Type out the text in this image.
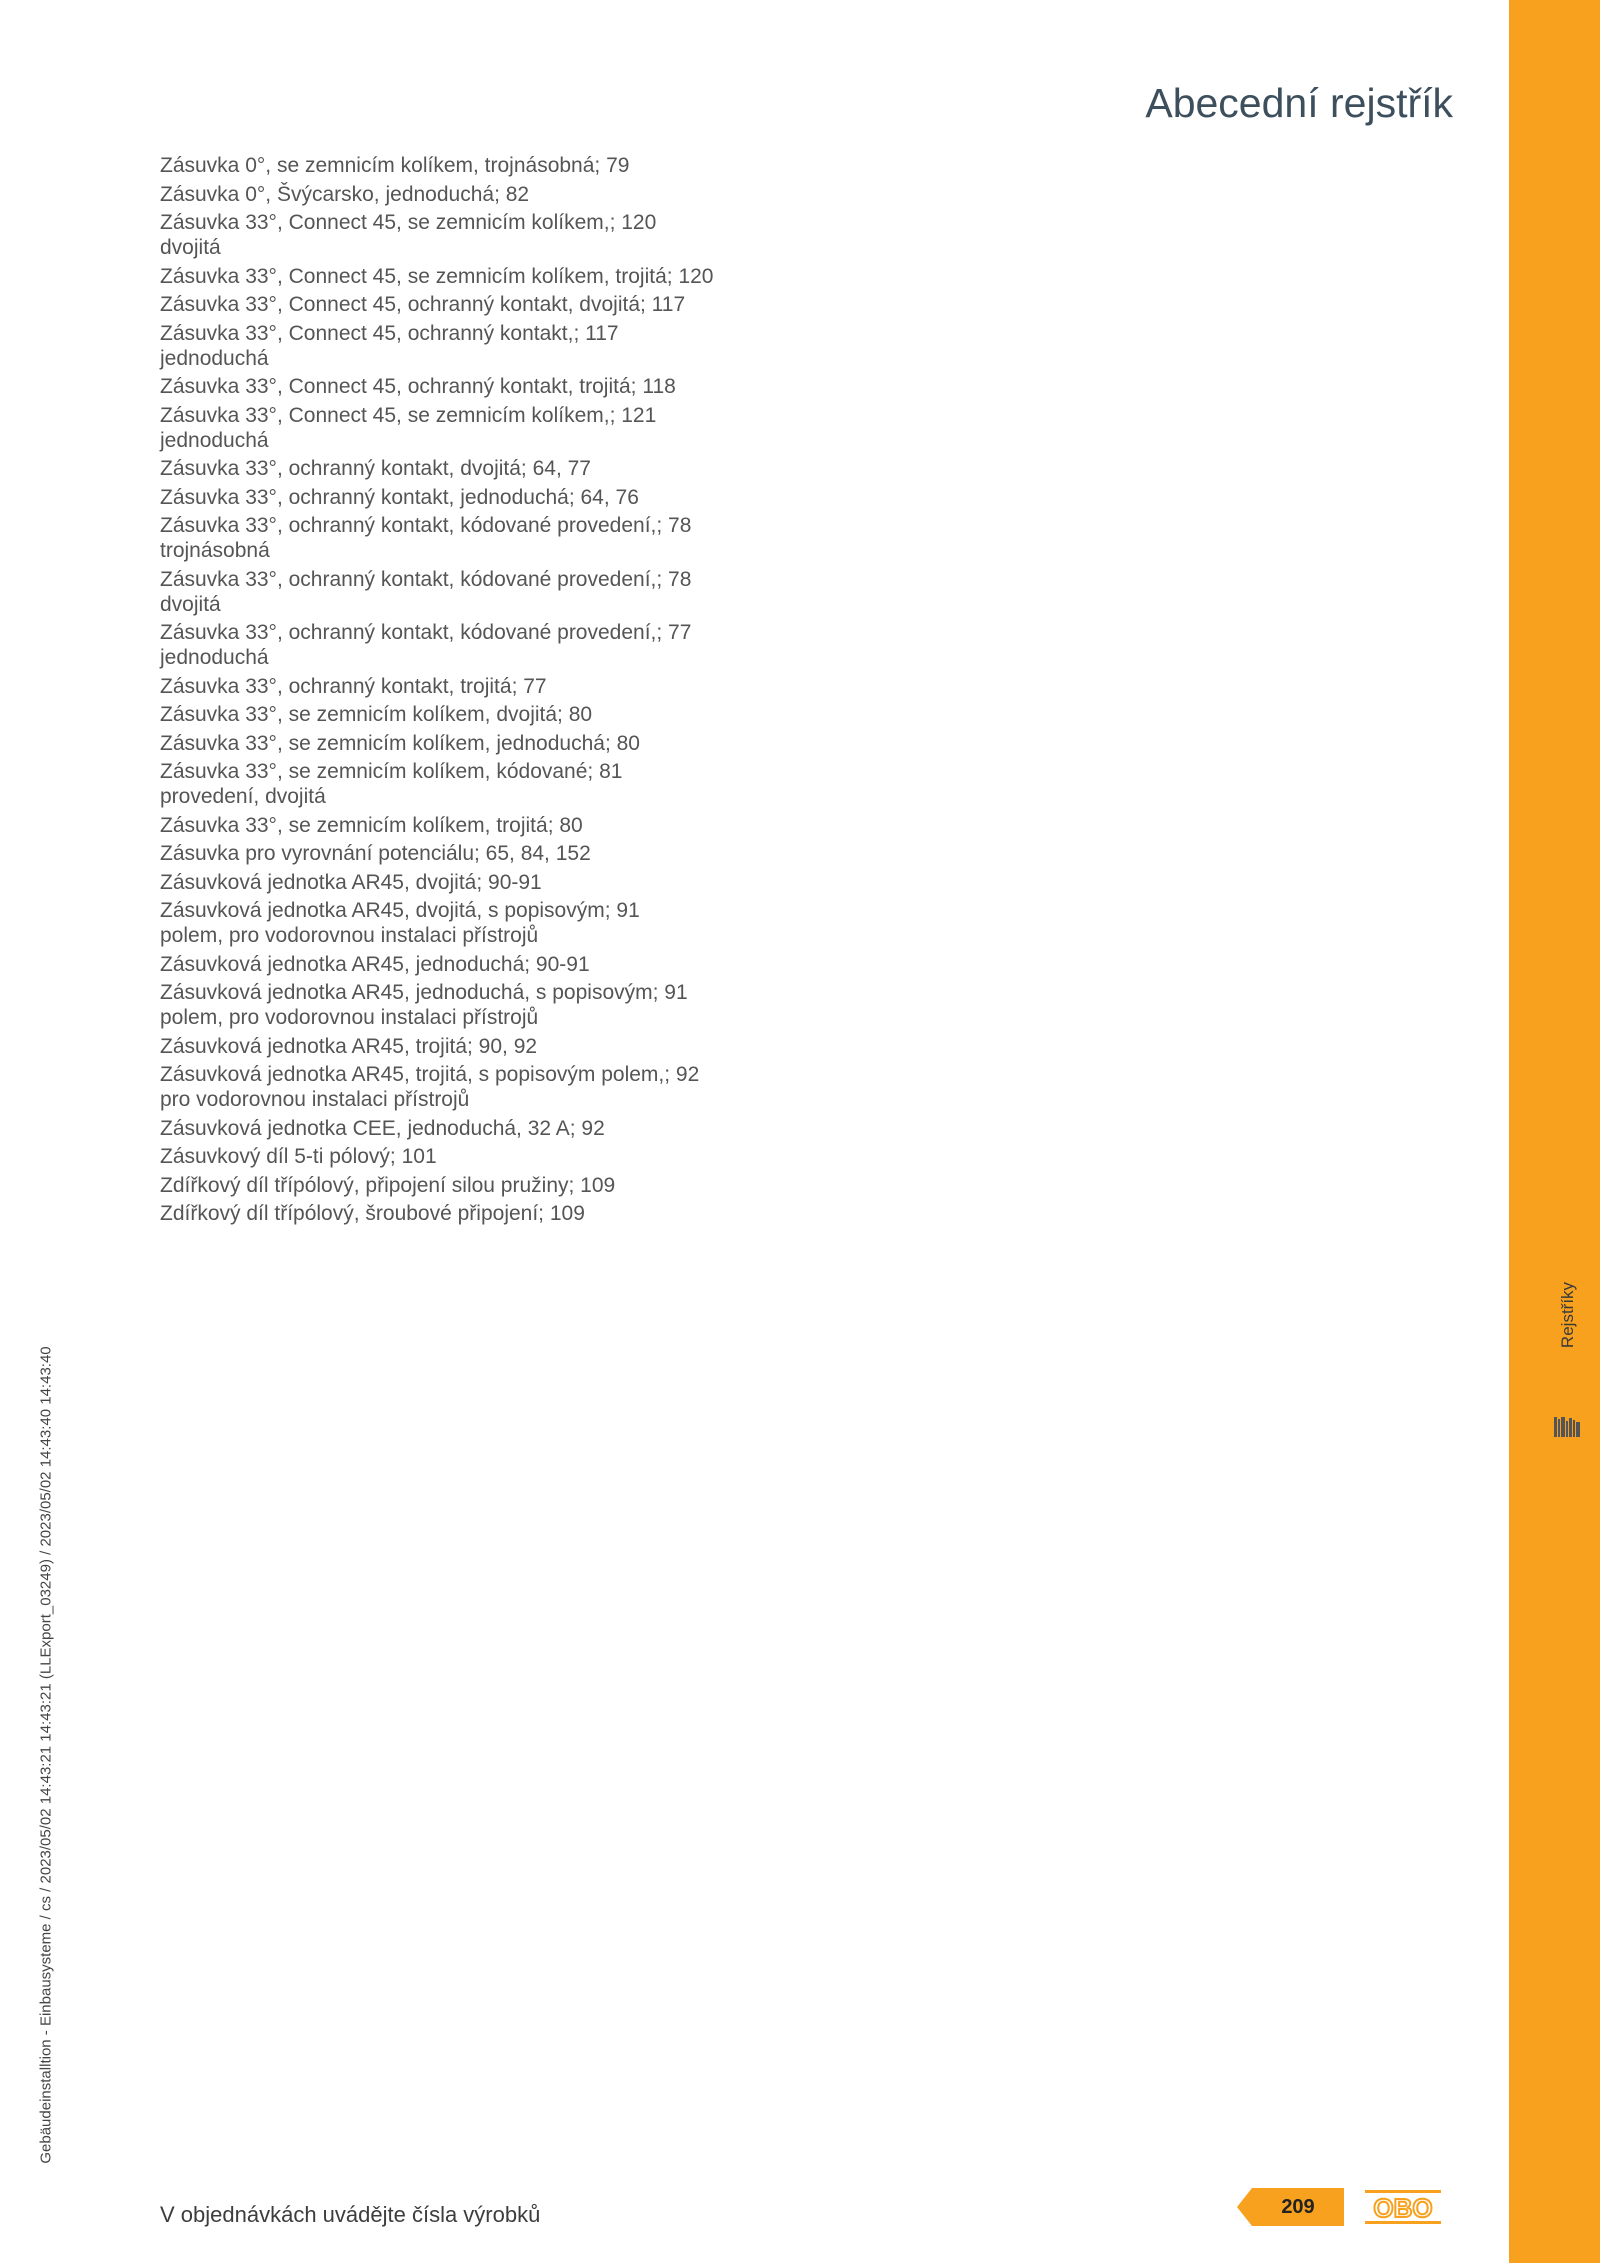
Rejstříky
Abecední rejstřík
Zásuvka 0°, se zemnicím kolíkem, trojnásobná; 79
Zásuvka 0°, Švýcarsko, jednoduchá; 82
Zásuvka 33°, Connect 45, se zemnicím kolíkem,; 120
dvojitá
Zásuvka 33°, Connect 45, se zemnicím kolíkem, trojitá; 120
Zásuvka 33°, Connect 45, ochranný kontakt, dvojitá; 117
Zásuvka 33°, Connect 45, ochranný kontakt,; 117
jednoduchá
Zásuvka 33°, Connect 45, ochranný kontakt, trojitá; 118
Zásuvka 33°, Connect 45, se zemnicím kolíkem,; 121
jednoduchá
Zásuvka 33°, ochranný kontakt, dvojitá; 64, 77
Zásuvka 33°, ochranný kontakt, jednoduchá; 64, 76
Zásuvka 33°, ochranný kontakt, kódované provedení,; 78
trojnásobná
Zásuvka 33°, ochranný kontakt, kódované provedení,; 78
dvojitá
Zásuvka 33°, ochranný kontakt, kódované provedení,; 77
jednoduchá
Zásuvka 33°, ochranný kontakt, trojitá; 77
Zásuvka 33°, se zemnicím kolíkem, dvojitá; 80
Zásuvka 33°, se zemnicím kolíkem, jednoduchá; 80
Zásuvka 33°, se zemnicím kolíkem, kódované; 81
provedení, dvojitá
Zásuvka 33°, se zemnicím kolíkem, trojitá; 80
Zásuvka pro vyrovnání potenciálu; 65, 84, 152
Zásuvková jednotka AR45, dvojitá; 90-91
Zásuvková jednotka AR45, dvojitá, s popisovým; 91
polem, pro vodorovnou instalaci přístrojů
Zásuvková jednotka AR45, jednoduchá; 90-91
Zásuvková jednotka AR45, jednoduchá, s popisovým; 91
polem, pro vodorovnou instalaci přístrojů
Zásuvková jednotka AR45, trojitá; 90, 92
Zásuvková jednotka AR45, trojitá, s popisovým polem,; 92
pro vodorovnou instalaci přístrojů
Zásuvková jednotka CEE, jednoduchá, 32 A; 92
Zásuvkový díl 5-ti pólový; 101
Zdířkový díl třípólový, připojení silou pružiny; 109
Zdířkový díl třípólový, šroubové připojení; 109
Gebäudeinstalltion - Einbausysteme / cs / 2023/05/02 14:43:21 14:43:21 (LLExport_03249) / 2023/05/02 14:43:40 14:43:40
V objednávkách uvádějte čísla výrobků	209	OBO
